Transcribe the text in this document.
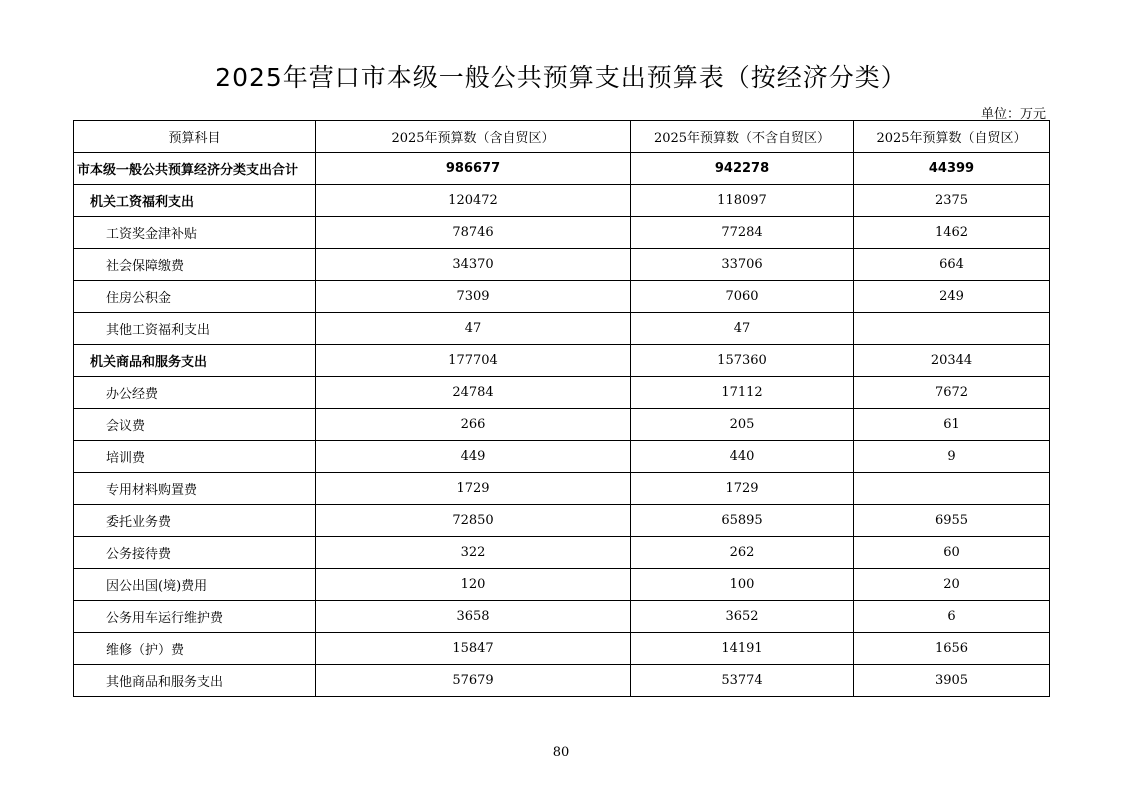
2025年营口市本级一般公共预算支出预算表（按经济分类）
单位：万元
预算科目	2025年预算数（含自贸区）	2025年预算数（不含自贸区）	2025年预算数（自贸区）
市本级一般公共预算经济分类支出合计	986677	942278	44399
机关工资福利支出	120472	118097	2375
工资奖金津补贴	78746	77284	1462
社会保障缴费	34370	33706	664
住房公积金	7309	7060	249
其他工资福利支出	47	47	
机关商品和服务支出	177704	157360	20344
办公经费	24784	17112	7672
会议费	266	205	61
培训费	449	440	9
专用材料购置费	1729	1729	
委托业务费	72850	65895	6955
公务接待费	322	262	60
因公出国(境)费用	120	100	20
公务用车运行维护费	3658	3652	6
维修（护）费	15847	14191	1656
其他商品和服务支出	57679	53774	3905
80
